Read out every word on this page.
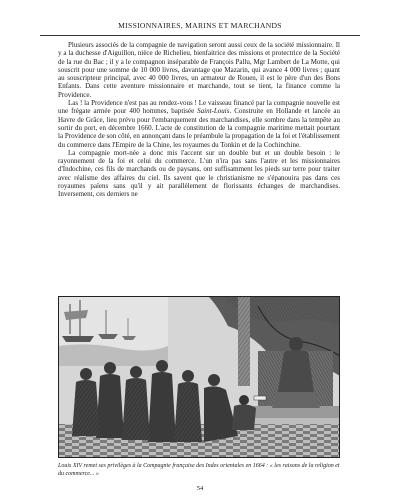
MISSIONNAIRES, MARINS ET MARCHANDS

Plusieurs associés de la compagnie de navigation seront aussi ceux de la société missionnaire. Il y a la duchesse d'Aiguillon, nièce de Richelieu, bienfaitrice des missions et protectrice de la Société de la rue du Bac ; il y a le compagnon inséparable de François Pallu, Mgr Lambert de La Motte, qui souscrit pour une somme de 10 000 livres, davantage que Mazarin, qui avance 4 000 livres ; quant au souscripteur principal, avec 40 000 livres, un armateur de Rouen, il est le père d'un des Bons Enfants. Dans cette aventure missionnaire et marchande, tout se tient, la finance comme la Providence.

Las ! la Providence n'est pas au rendez-vous ! Le vaisseau financé par la compagnie nouvelle est une frégate armée pour 400 hommes, baptisée Saint-Louis. Construite en Hollande et lancée au Havre de Grâce, lieu prévu pour l'embarquement des marchandises, elle sombre dans la tempête au sortir du port, en décembre 1660. L'acte de constitution de la compagnie maritime mettait pourtant la Providence de son côté, en annonçant dans le préambule la propagation de la foi et l'établissement du commerce dans l'Empire de la Chine, les royaumes du Tonkin et de la Cochinchine.

La compagnie mort-née a donc mis l'accent sur un double but et un double besoin : le rayonnement de la foi et celui du commerce. L'un n'ira pas sans l'autre et les missionnaires d'Indochine, ces fils de marchands ou de paysans, ont suffisamment les pieds sur terre pour traiter avec réalisme des affaires du ciel. Ils savent que le christianisme ne s'épanouira pas dans ces royaumes païens sans qu'il y ait parallèlement de florissants échanges de marchandises. Inversement, ces derniers ne

Louis XIV remet ses privilèges à la Compagnie française des Indes orientales en 1664 : « les raisons de la religion et du commerce... »
54
